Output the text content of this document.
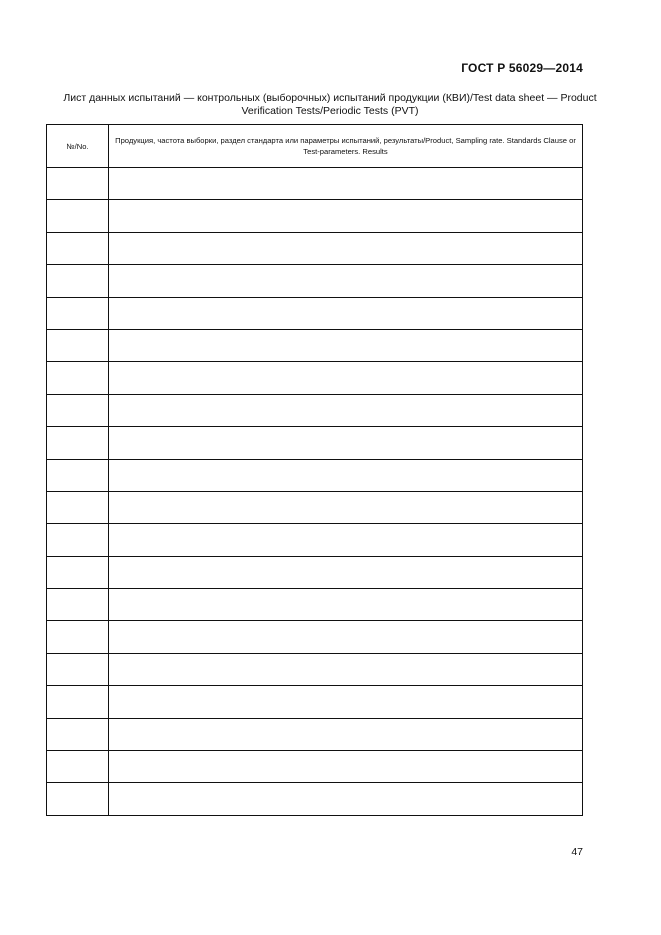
ГОСТ Р 56029—2014
Лист данных испытаний — контрольных (выборочных) испытаний продукции (КВИ)/Test data sheet — Product Verification Tests/Periodic Tests (PVT)
№/No.	Продукция, частота выборки, раздел стандарта или параметры испытаний, результаты/Product, Sampling rate. Standards Clause or Test-parameters. Results

47
